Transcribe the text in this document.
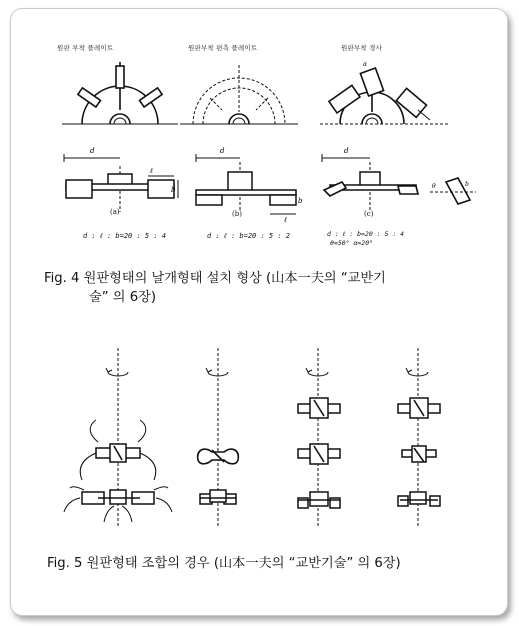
α
d
ℓ
b
d
ℓ
b
d
θ	b
원판 부착 플레이트	원판부착 편측 플레이트	원판부착 경사
(a)	(b)	(c)
d : ℓ : b=20 : 5 : 4	d : ℓ : b=20 : 5 : 2	d : ℓ : b=20 : 5 : 4
θ=50° α=20°
Fig. 4 원판형태의 날개형태 설치 형상 (山本一夫의 “교반기
술” 의 6장)
Fig. 5 원판형태 조합의 경우 (山本一夫의 “교반기술” 의 6장)
